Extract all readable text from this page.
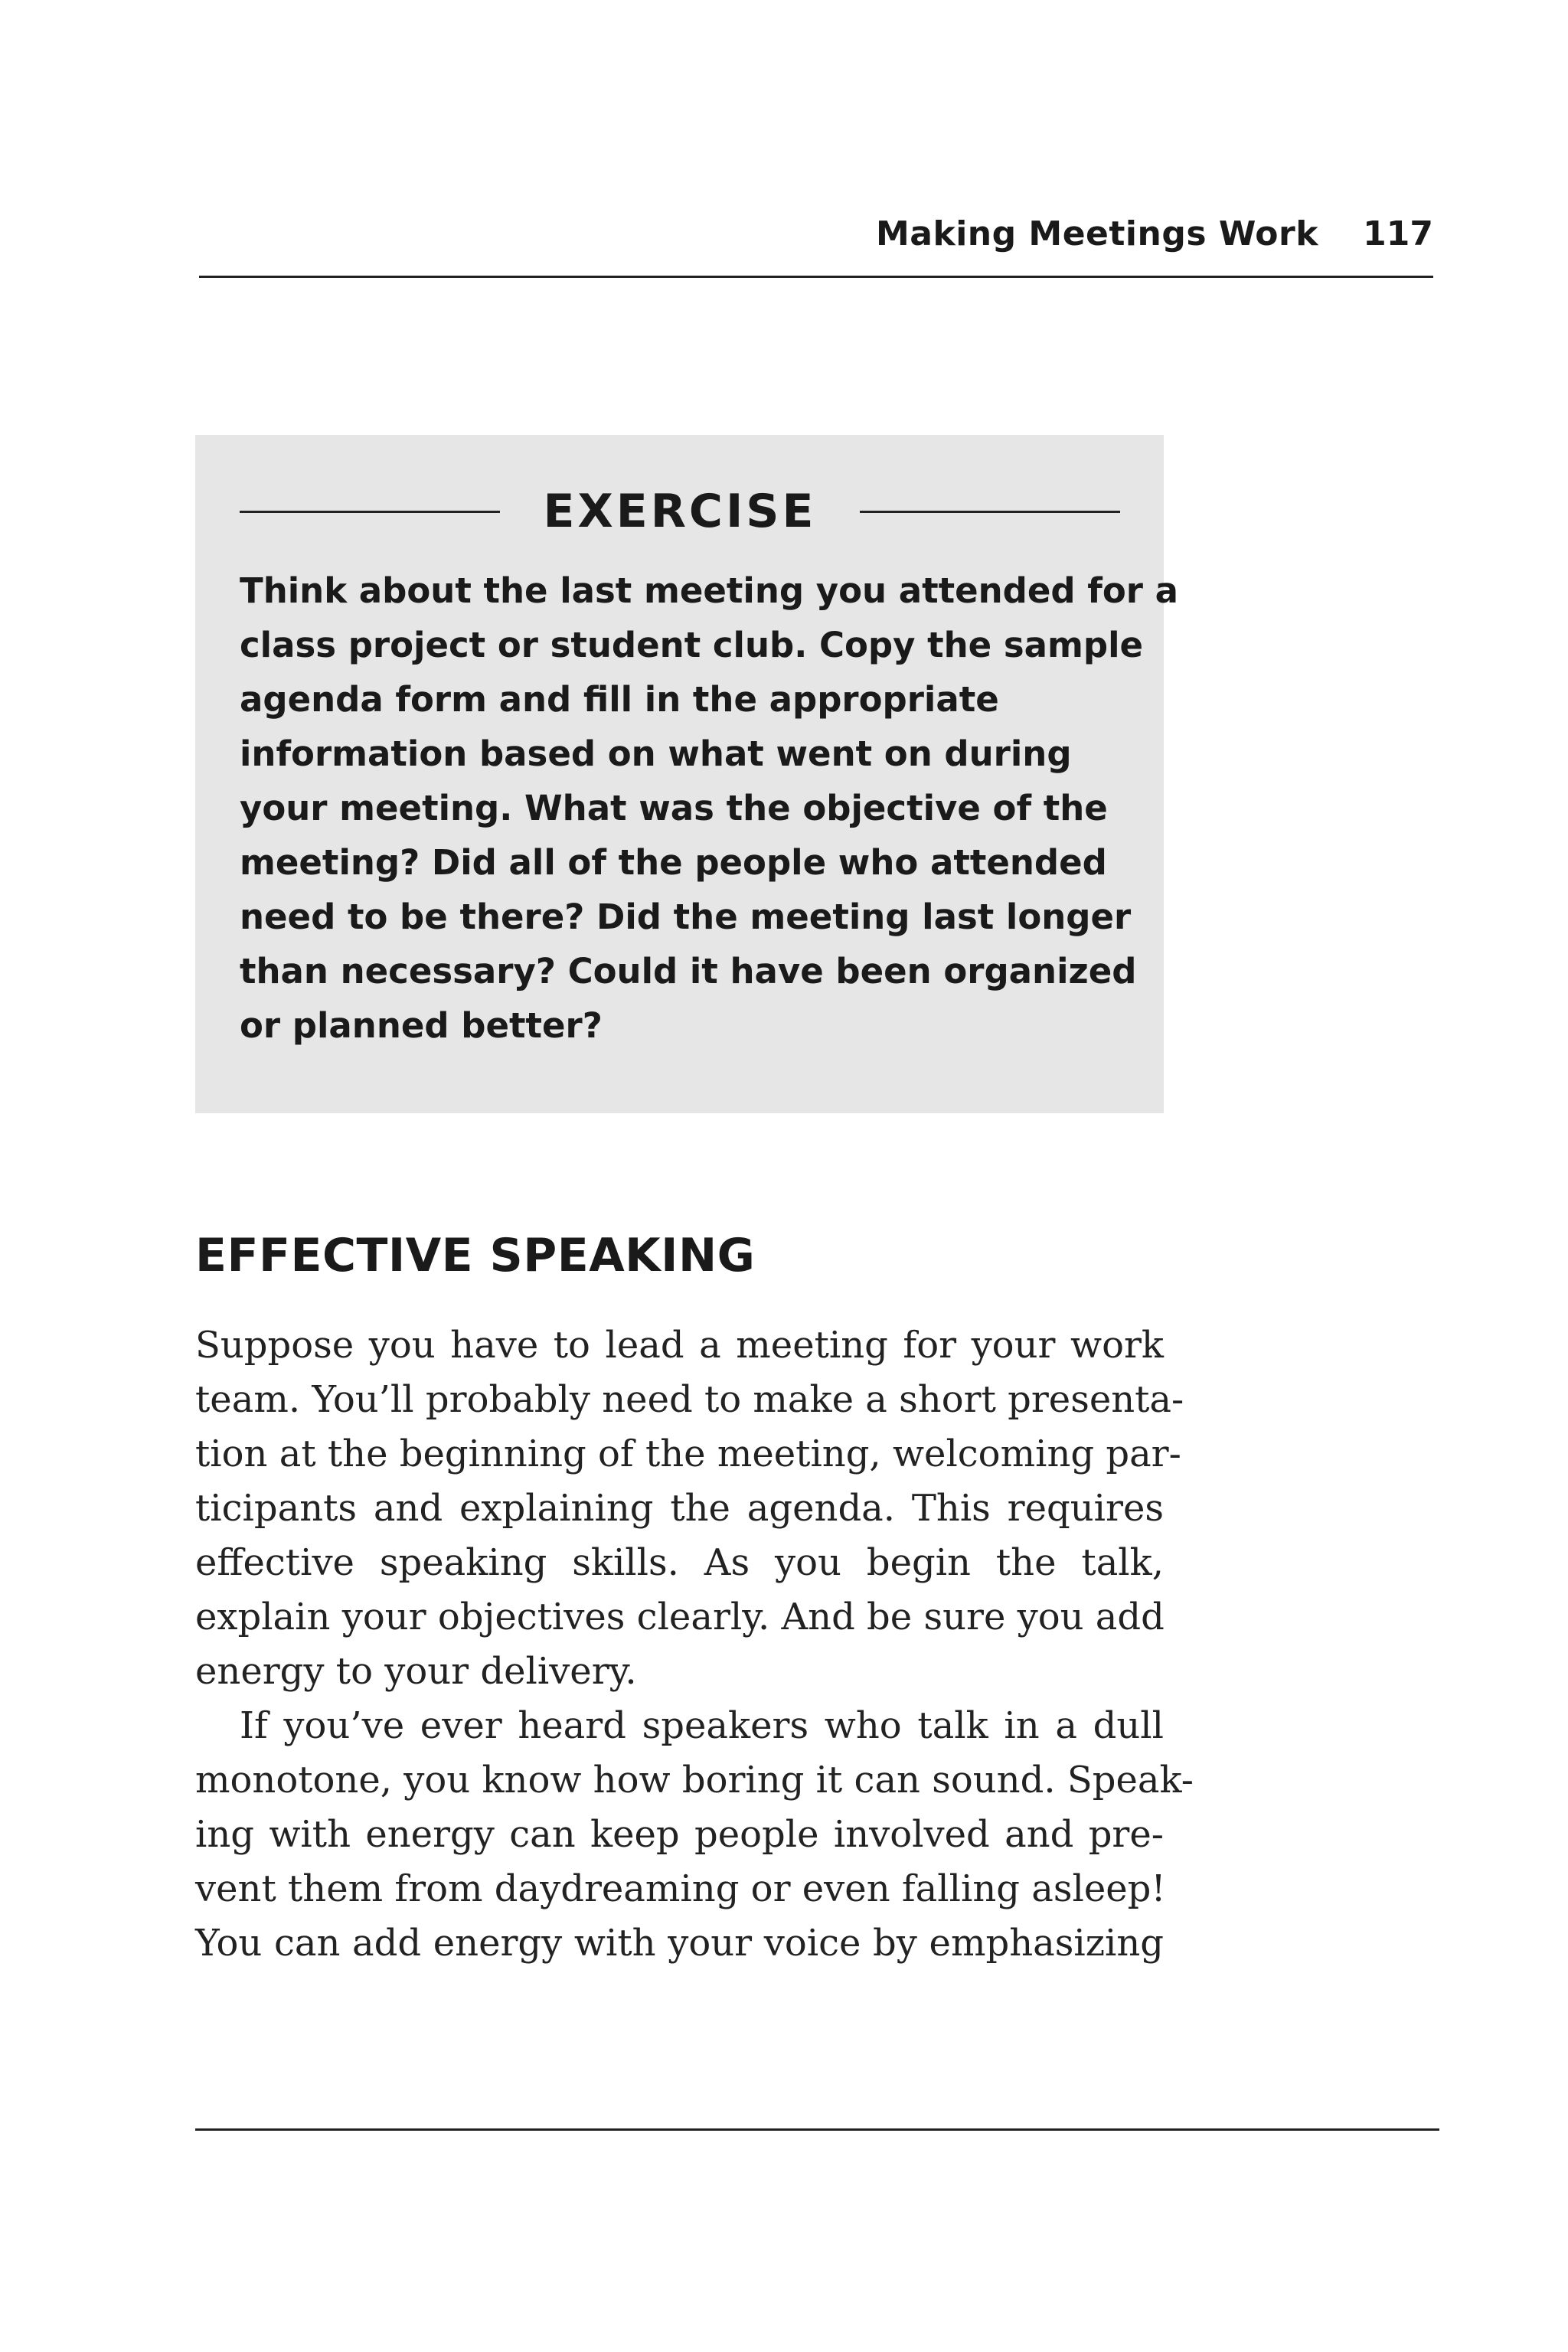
Making Meetings Work 117
EXERCISE

Think about the last meeting you attended for a
class project or student club. Copy the sample
agenda form and fill in the appropriate
information based on what went on during
your meeting. What was the objective of the
meeting? Did all of the people who attended
need to be there? Did the meeting last longer
than necessary? Could it have been organized
or planned better?

EFFECTIVE SPEAKING
Suppose you have to lead a meeting for your work
team. You’ll probably need to make a short presenta-
tion at the beginning of the meeting, welcoming par-
ticipants and explaining the agenda. This requires
effective speaking skills. As you begin the talk,
explain your objectives clearly. And be sure you add
energy to your delivery.
If you’ve ever heard speakers who talk in a dull
monotone, you know how boring it can sound. Speak-
ing with energy can keep people involved and pre-
vent them from daydreaming or even falling asleep!
You can add energy with your voice by emphasizing
